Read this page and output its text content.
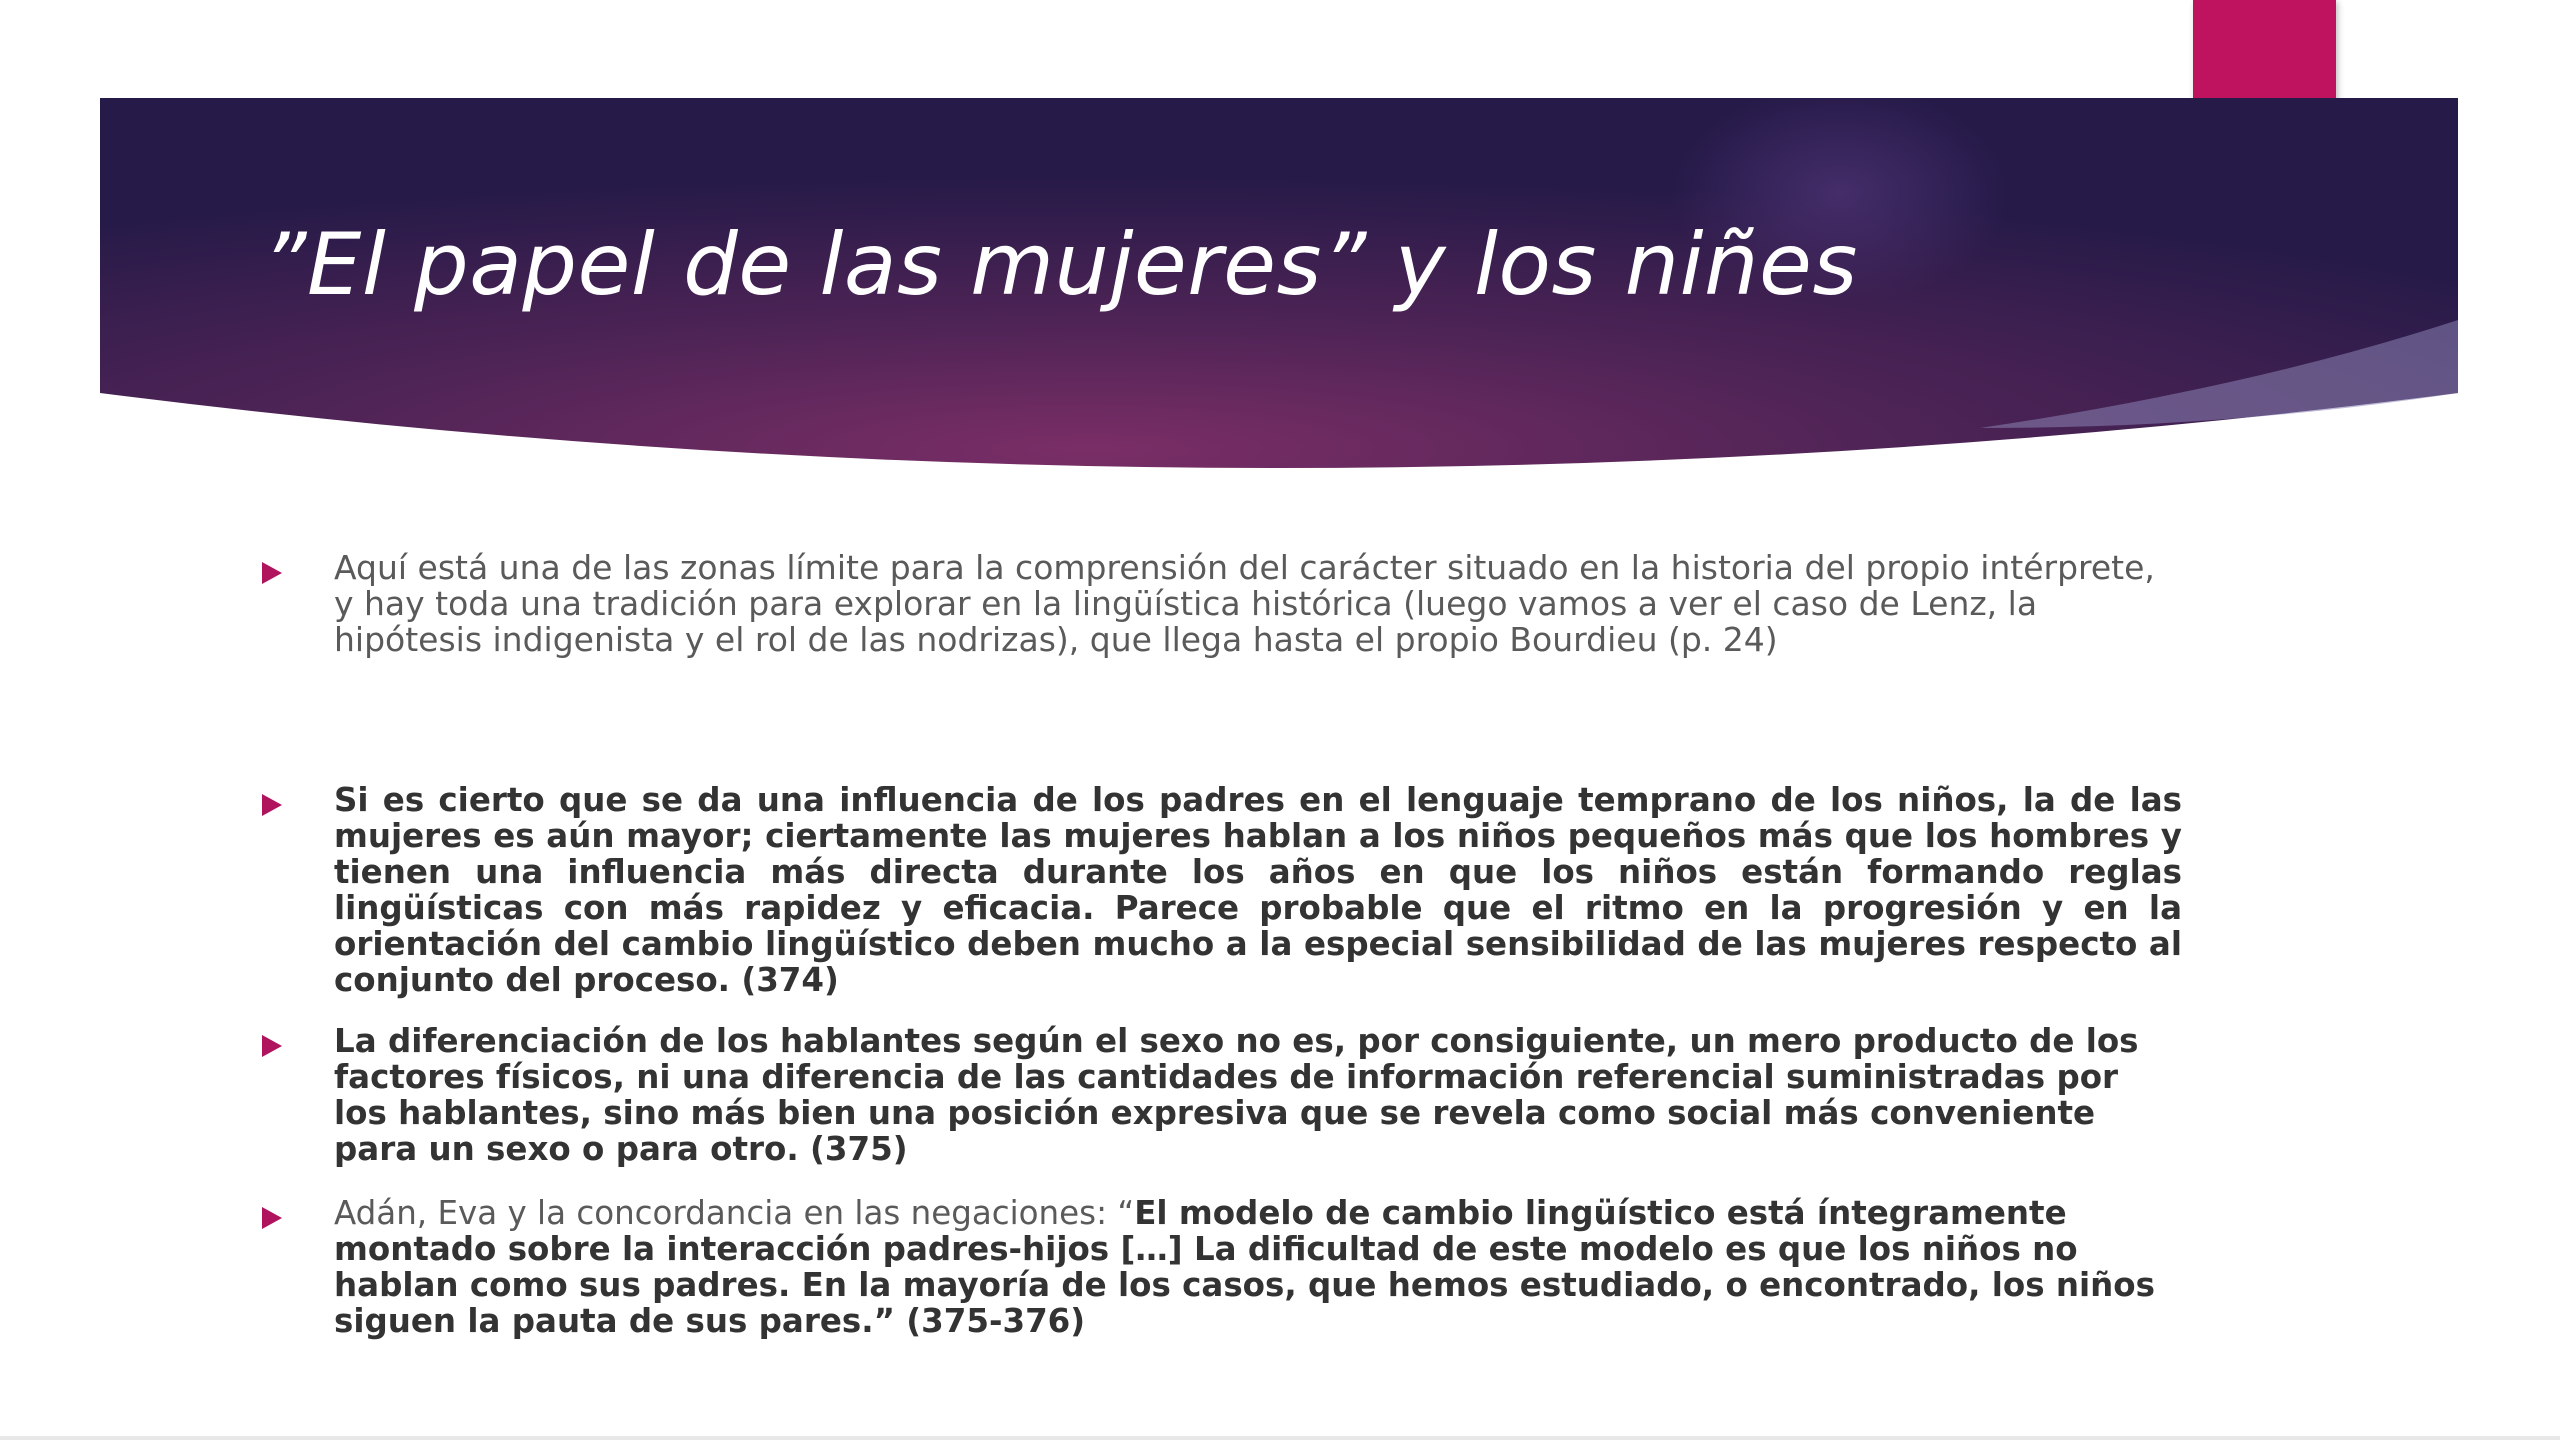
”El papel de las mujeres” y los niñes

Aquí está una de las zonas límite para la comprensión del carácter situado en la historia del propio intérprete, y hay toda una tradición para explorar en la lingüística histórica (luego vamos a ver el caso de Lenz, la hipótesis indigenista y el rol de las nodrizas), que llega hasta el propio Bourdieu (p. 24)

Si es cierto que se da una influencia de los padres en el lenguaje temprano de los niños, la de las mujeres es aún mayor; ciertamente las mujeres hablan a los niños pequeños más que los hombres y tienen una influencia más directa durante los años en que los niños están formando reglas lingüísticas con más rapidez y eficacia. Parece probable que el ritmo en la progresión y en la orientación del cambio lingüístico deben mucho a la especial sensibilidad de las mujeres respecto al conjunto del proceso. (374)

La diferenciación de los hablantes según el sexo no es, por consiguiente, un mero producto de los factores físicos, ni una diferencia de las cantidades de información referencial suministradas por los hablantes, sino más bien una posición expresiva que se revela como social más conveniente para un sexo o para otro. (375)

Adán, Eva y la concordancia en las negaciones: “El modelo de cambio lingüístico está íntegramente montado sobre la interacción padres-hijos […] La dificultad de este modelo es que los niños no hablan como sus padres. En la mayoría de los casos, que hemos estudiado, o encontrado, los niños siguen la pauta de sus pares.” (375-376)
